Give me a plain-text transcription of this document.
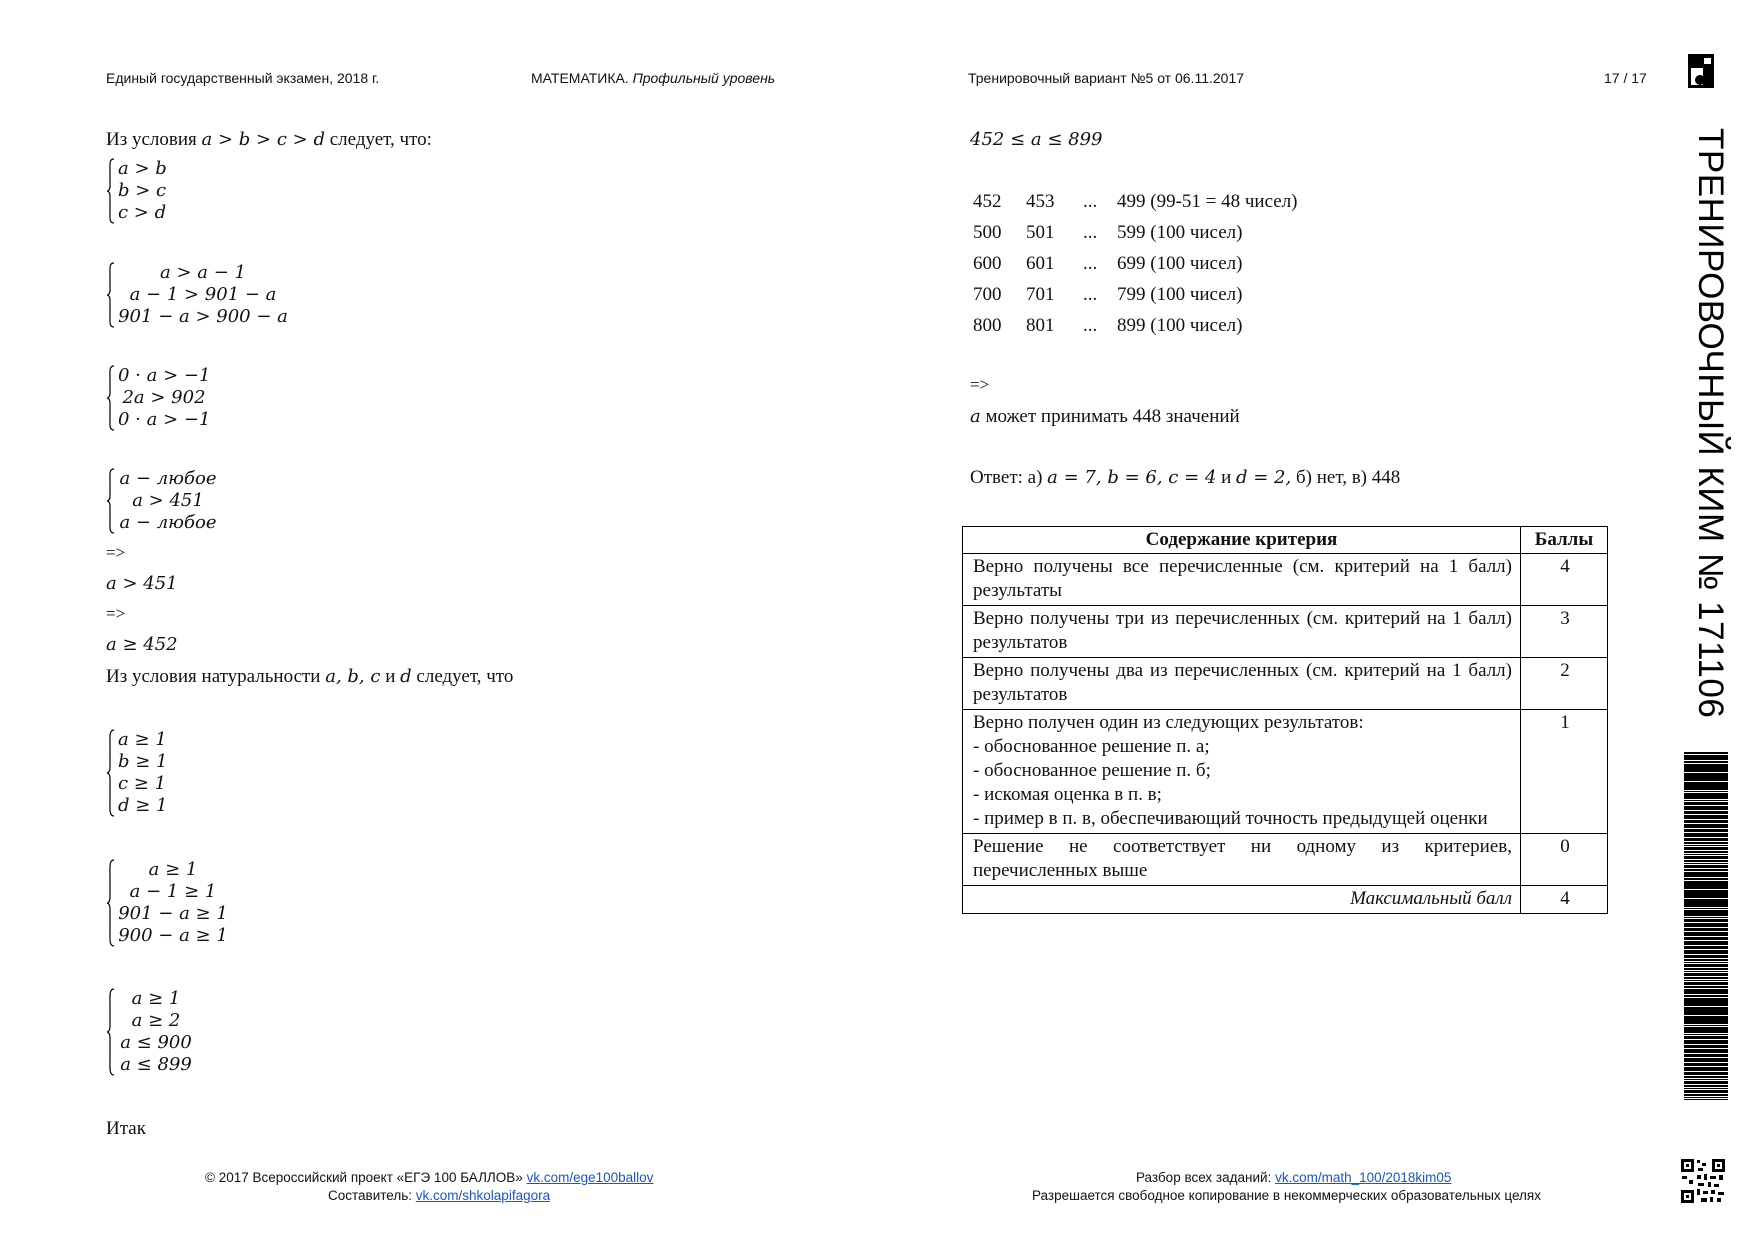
Единый государственный экзамен, 2018 г.	МАТЕМАТИКА. Профильный уровень	Тренировочный вариант №5 от 06.11.2017	17 / 17
ТРЕНИРОВОЧНЫЙ КИМ № 171106
Из условия a > b > c > d следует, что:
a > b
b > c
c > d
a > a − 1
a − 1 > 901 − a
901 − a > 900 − a
0 · a > −1
2a > 902
0 · a > −1
a − любое
a > 451
a − любое
=>
a > 451
=>
a ≥ 452
Из условия натуральности a, b, c и d следует, что
a ≥ 1
b ≥ 1
c ≥ 1
d ≥ 1
a ≥ 1
a − 1 ≥ 1
901 − a ≥ 1
900 − a ≥ 1
a ≥ 1
a ≥ 2
a ≤ 900
a ≤ 899
Итак
452 ≤ a ≤ 899
452 453 ... 499 (99-51 = 48 чисел)
500 501 ... 599 (100 чисел)
600 601 ... 699 (100 чисел)
700 701 ... 799 (100 чисел)
800 801 ... 899 (100 чисел)
=>
a может принимать 448 значений
Ответ: а) a = 7, b = 6, c = 4 и d = 2, б) нет, в) 448
Содержание критерия	Баллы
Верно получены все перечисленные (см. критерий на 1 балл) результаты	4
Верно получены три из перечисленных (см. критерий на 1 балл) результатов	3
Верно получены два из перечисленных (см. критерий на 1 балл) результатов	2

Верно получен один из следующих результатов:
- обоснованное решение п. а;
- обоснованное решение п. б;
- искомая оценка в п. в;
- пример в п. в, обеспечивающий точность предыдущей оценки	1
Решение не соответствует ни одному из критериев, перечисленных выше	0
Максимальный балл	4
© 2017 Всероссийский проект «ЕГЭ 100 БАЛЛОВ» vk.com/ege100ballov
Составитель: vk.com/shkolapifagora
Разбор всех заданий: vk.com/math_100/2018kim05
Разрешается свободное копирование в некоммерческих образовательных целях
